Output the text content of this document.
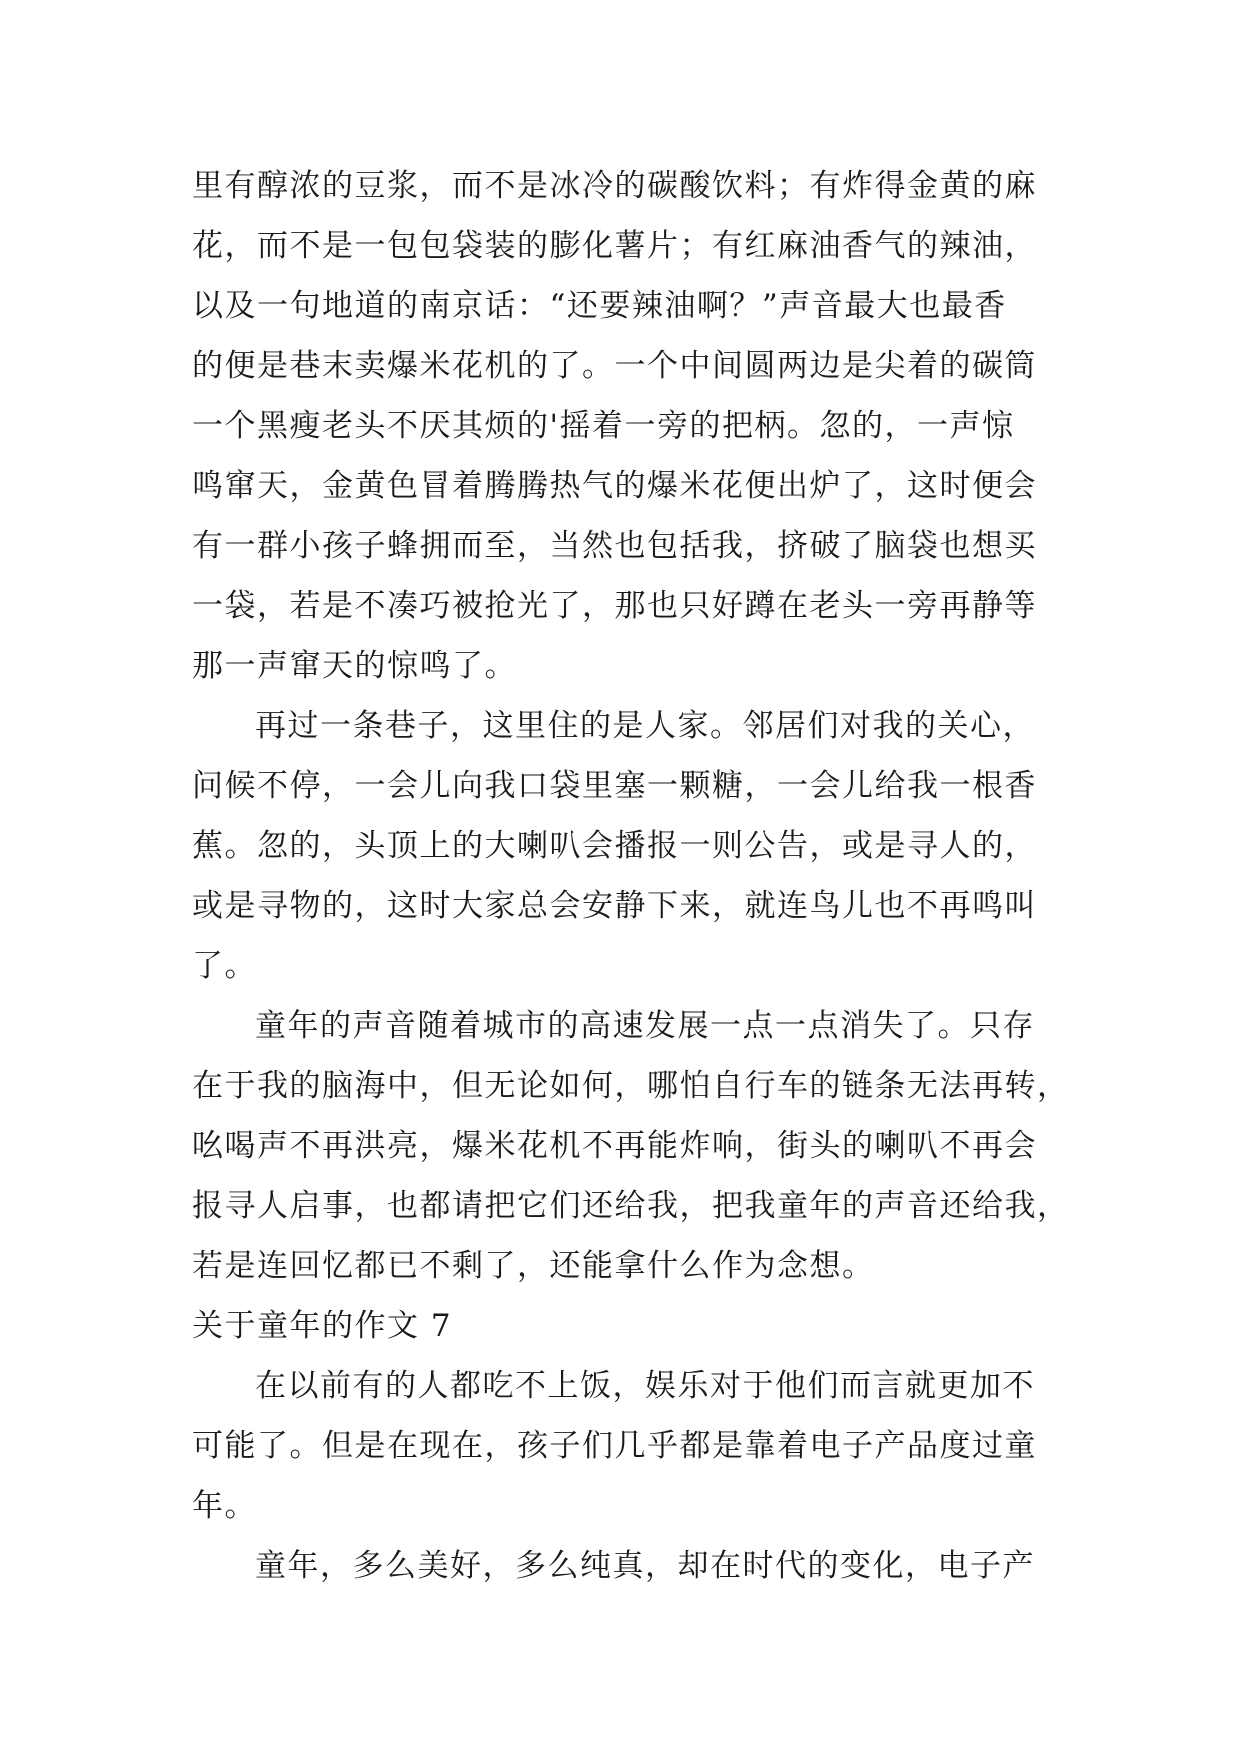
里有醇浓的豆浆，而不是冰冷的碳酸饮料；有炸得金黄的麻
花，而不是一包包袋装的膨化薯片；有红麻油香气的辣油，
以及一句地道的南京话：“还要辣油啊？”声音最大也最香
的便是巷末卖爆米花机的了。一个中间圆两边是尖着的碳筒
一个黑瘦老头不厌其烦的'摇着一旁的把柄。忽的，一声惊
鸣窜天，金黄色冒着腾腾热气的爆米花便出炉了，这时便会
有一群小孩子蜂拥而至，当然也包括我，挤破了脑袋也想买
一袋，若是不凑巧被抢光了，那也只好蹲在老头一旁再静等
那一声窜天的惊鸣了。
再过一条巷子，这里住的是人家。邻居们对我的关心，
问候不停，一会儿向我口袋里塞一颗糖，一会儿给我一根香
蕉。忽的，头顶上的大喇叭会播报一则公告，或是寻人的，
或是寻物的，这时大家总会安静下来，就连鸟儿也不再鸣叫
了。
童年的声音随着城市的高速发展一点一点消失了。只存
在于我的脑海中，但无论如何，哪怕自行车的链条无法再转，
吆喝声不再洪亮，爆米花机不再能炸响，街头的喇叭不再会
报寻人启事，也都请把它们还给我，把我童年的声音还给我，
若是连回忆都已不剩了，还能拿什么作为念想。
关于童年的作文 7
在以前有的人都吃不上饭，娱乐对于他们而言就更加不
可能了。但是在现在，孩子们几乎都是靠着电子产品度过童
年。
童年，多么美好，多么纯真，却在时代的变化，电子产
